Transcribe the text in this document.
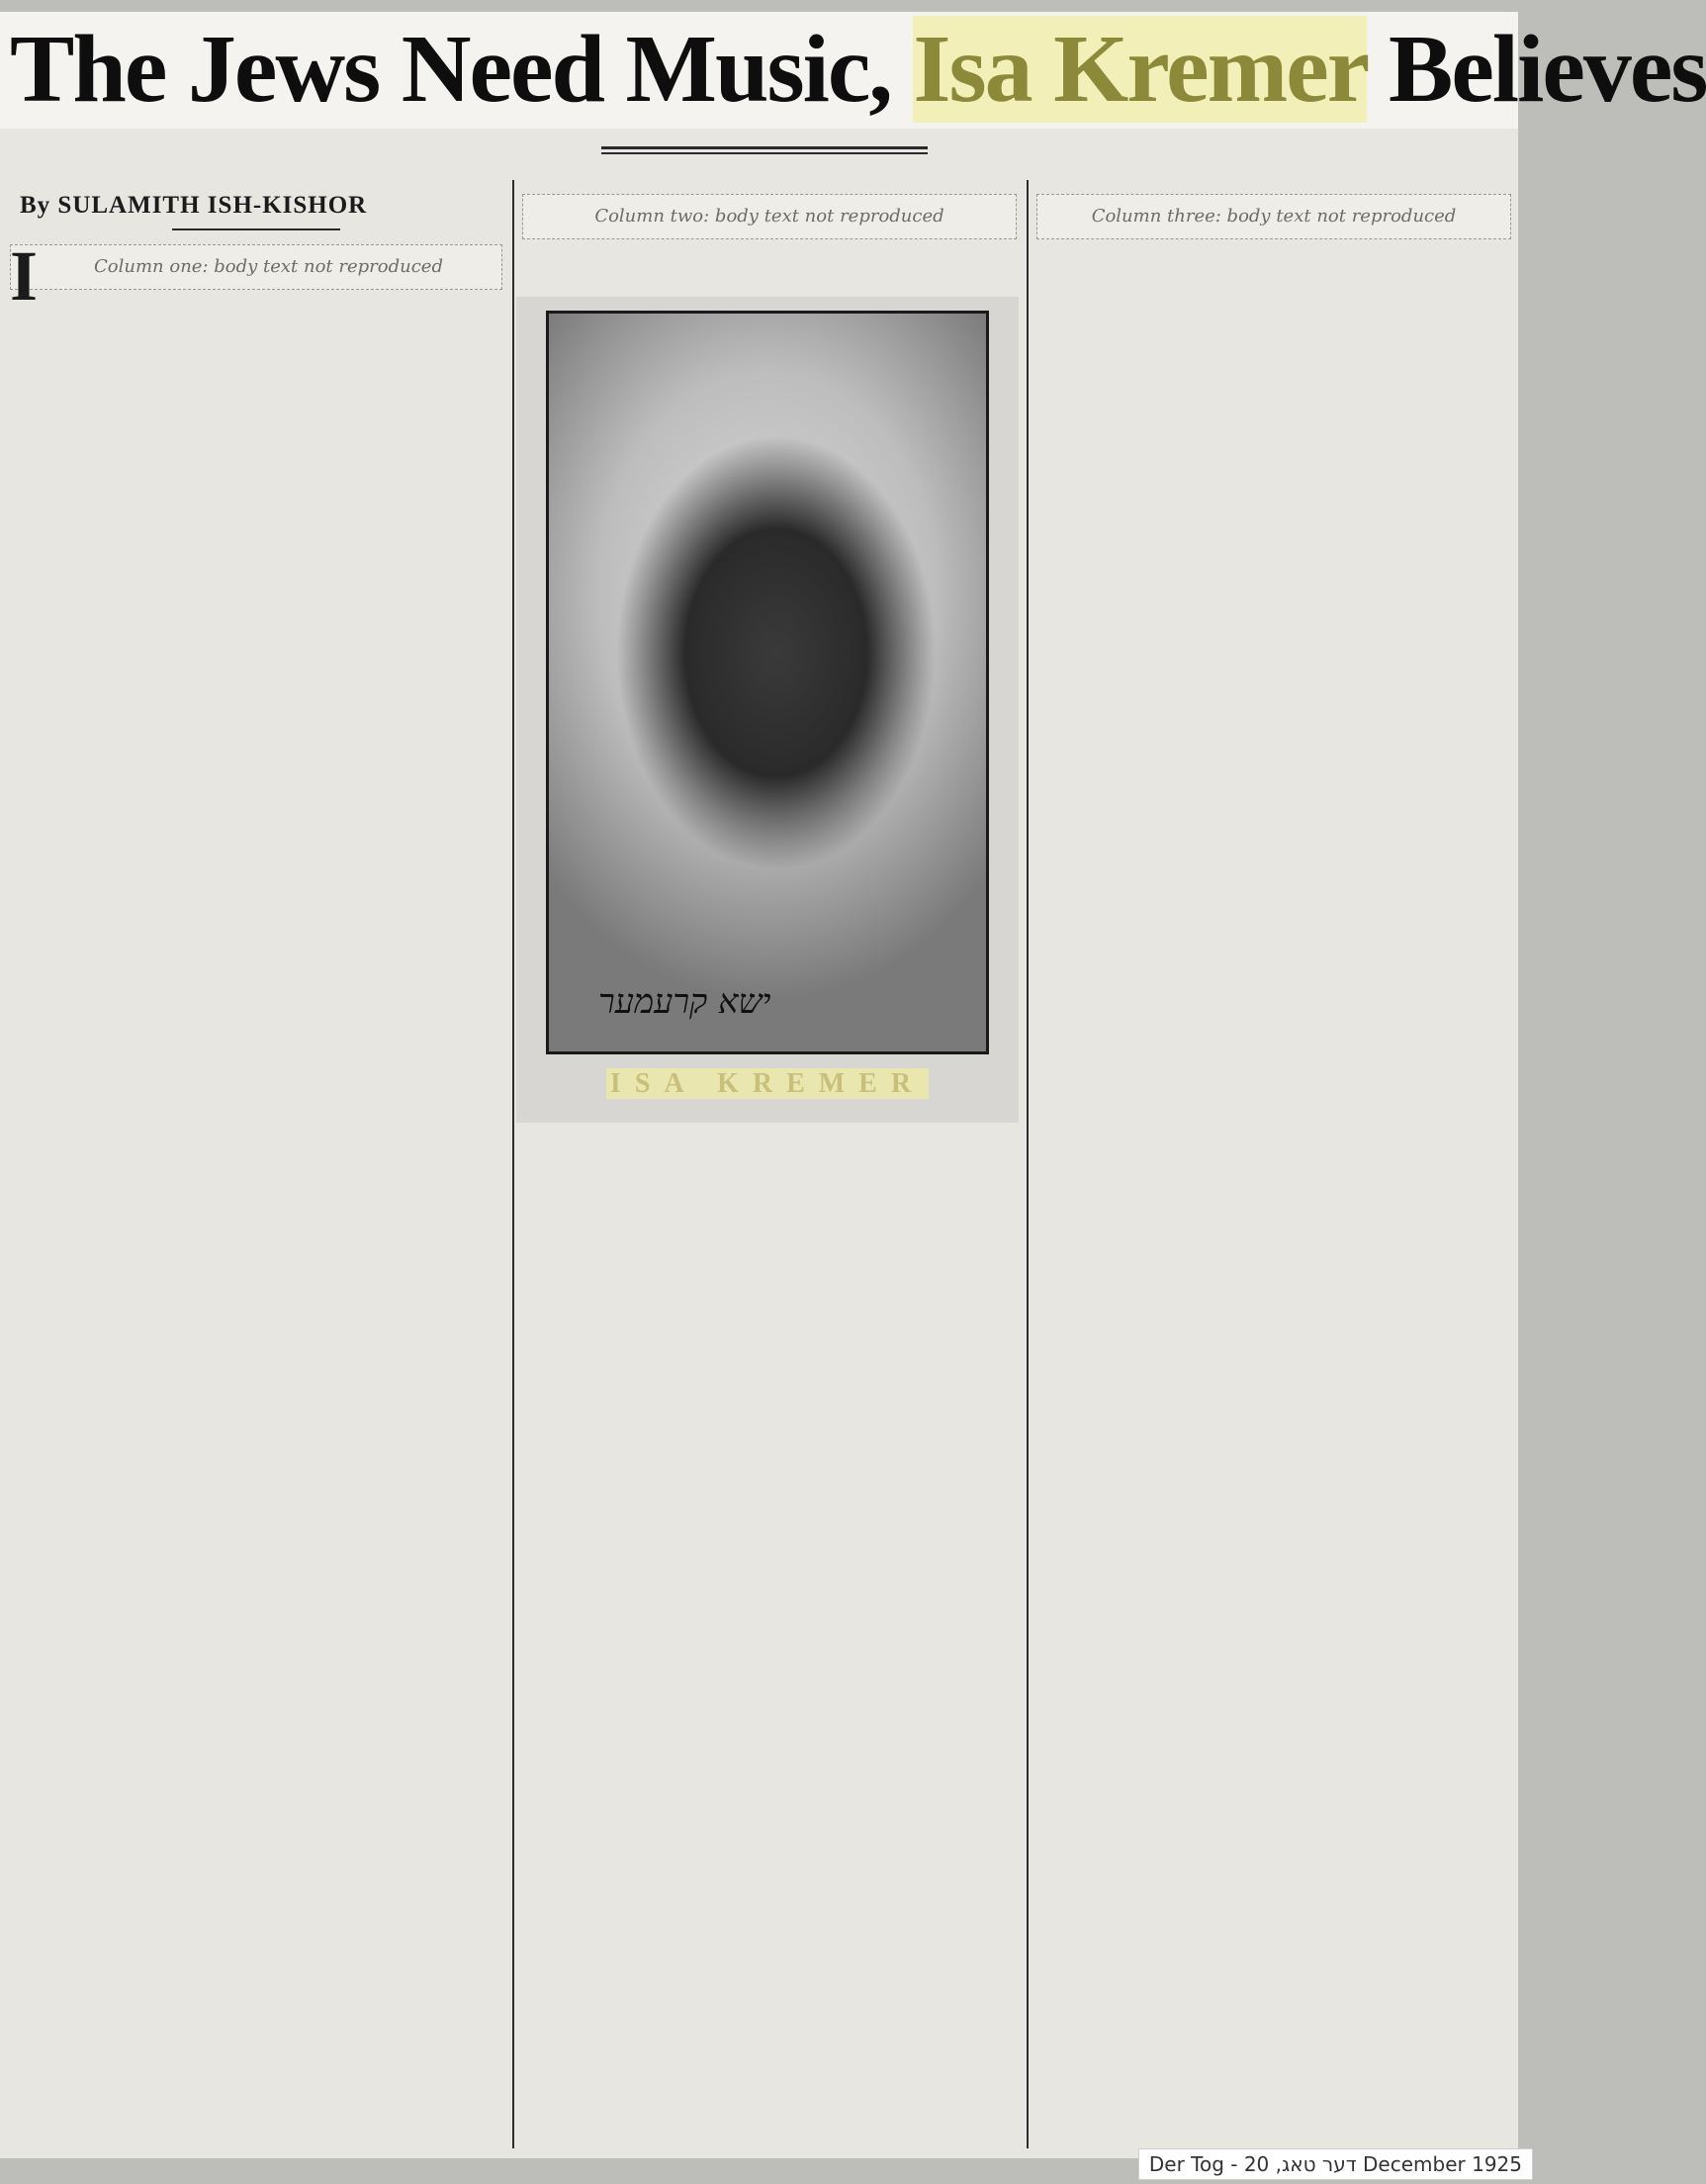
The Jews Need Music, Isa Kremer Believes
By SULAMITH ISH-KISHOR

I	Column one: body text not reproduced
Column two: body text not reproduced
ישא קרעמער
ISA KREMER
Column three: body text not reproduced
Der Tog - דער טאג, 20 December 1925
